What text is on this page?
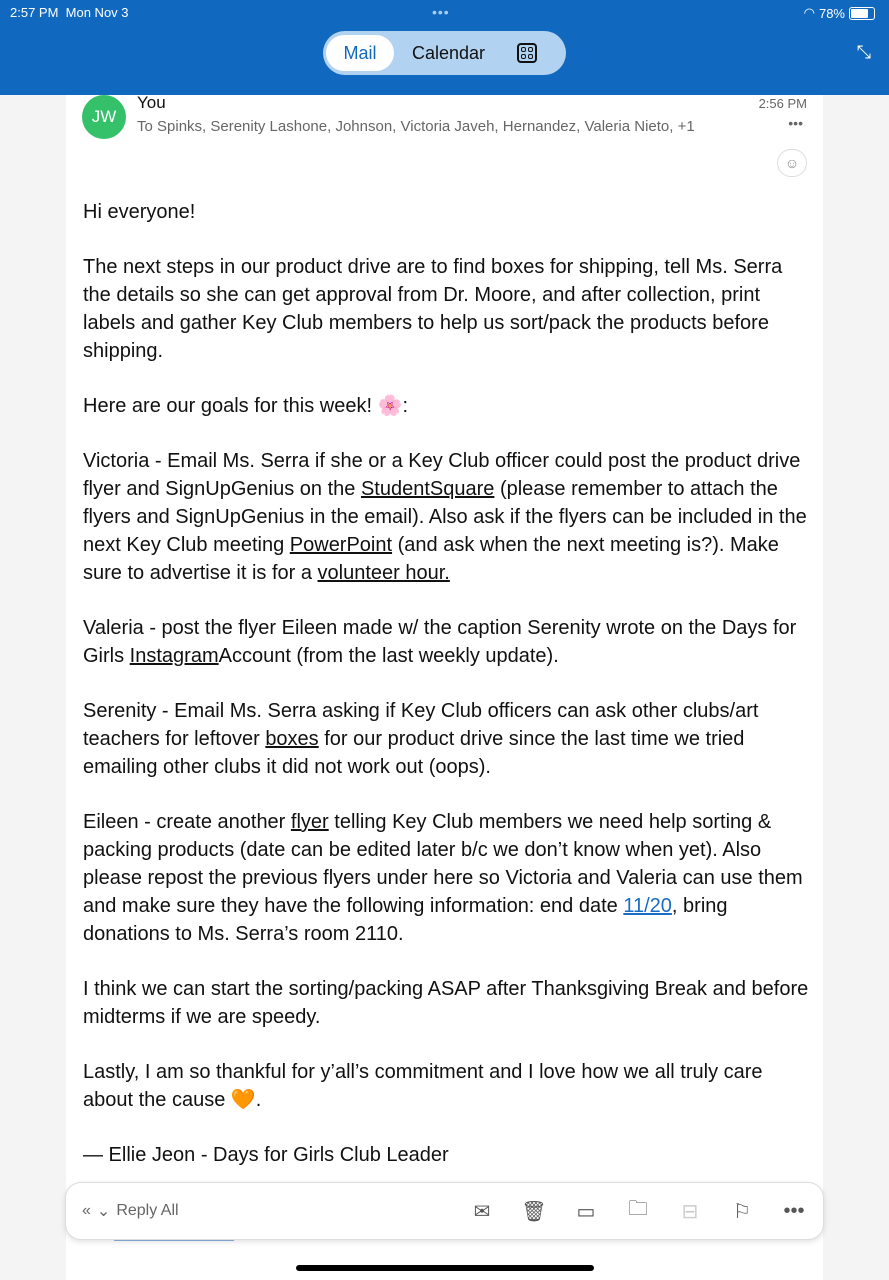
2:57 PM Mon Nov 3	•••	◠ 78%
Mail	Calendar	⤡
JW
You
To Spinks, Serenity Lashone, Johnson, Victoria Javeh, Hernandez, Valeria Nieto, +1
2:56 PM
•••
☺

Hi everyone!

The next steps in our product drive are to find boxes for shipping, tell Ms. Serra the details so she can get approval from Dr. Moore, and after collection, print labels and gather Key Club members to help us sort/pack the products before shipping.

Here are our goals for this week! 🌸:

Victoria - Email Ms. Serra if she or a Key Club officer could post the product drive flyer and SignUpGenius on the StudentSquare (please remember to attach the flyers and SignUpGenius in the email). Also ask if the flyers can be included in the next Key Club meeting PowerPoint (and ask when the next meeting is?). Make sure to advertise it is for a volunteer hour.

Valeria - post the flyer Eileen made w/ the caption Serenity wrote on the Days for Girls InstagramAccount (from the last weekly update).

Serenity - Email Ms. Serra asking if Key Club officers can ask other clubs/art teachers for leftover boxes for our product drive since the last time we tried emailing other clubs it did not work out (oops).

Eileen - create another flyer telling Key Club members we need help sorting & packing products (date can be edited later b/c we don’t know when yet). Also please repost the previous flyers under here so Victoria and Valeria can use them and make sure they have the following information: end date 11/20, bring donations to Ms. Serra’s room 2110.

I think we can start the sorting/packing ASAP after Thanksgiving Break and before midterms if we are speedy.

Lastly, I am so thankful for y’all’s commitment and I love how we all truly care about the cause 🧡.

— Ellie Jeon - Days for Girls Club Leader

« ⌄ Reply All	✉ 🗑︎ ▭ 🗀 ⊟ ⚐ •••
